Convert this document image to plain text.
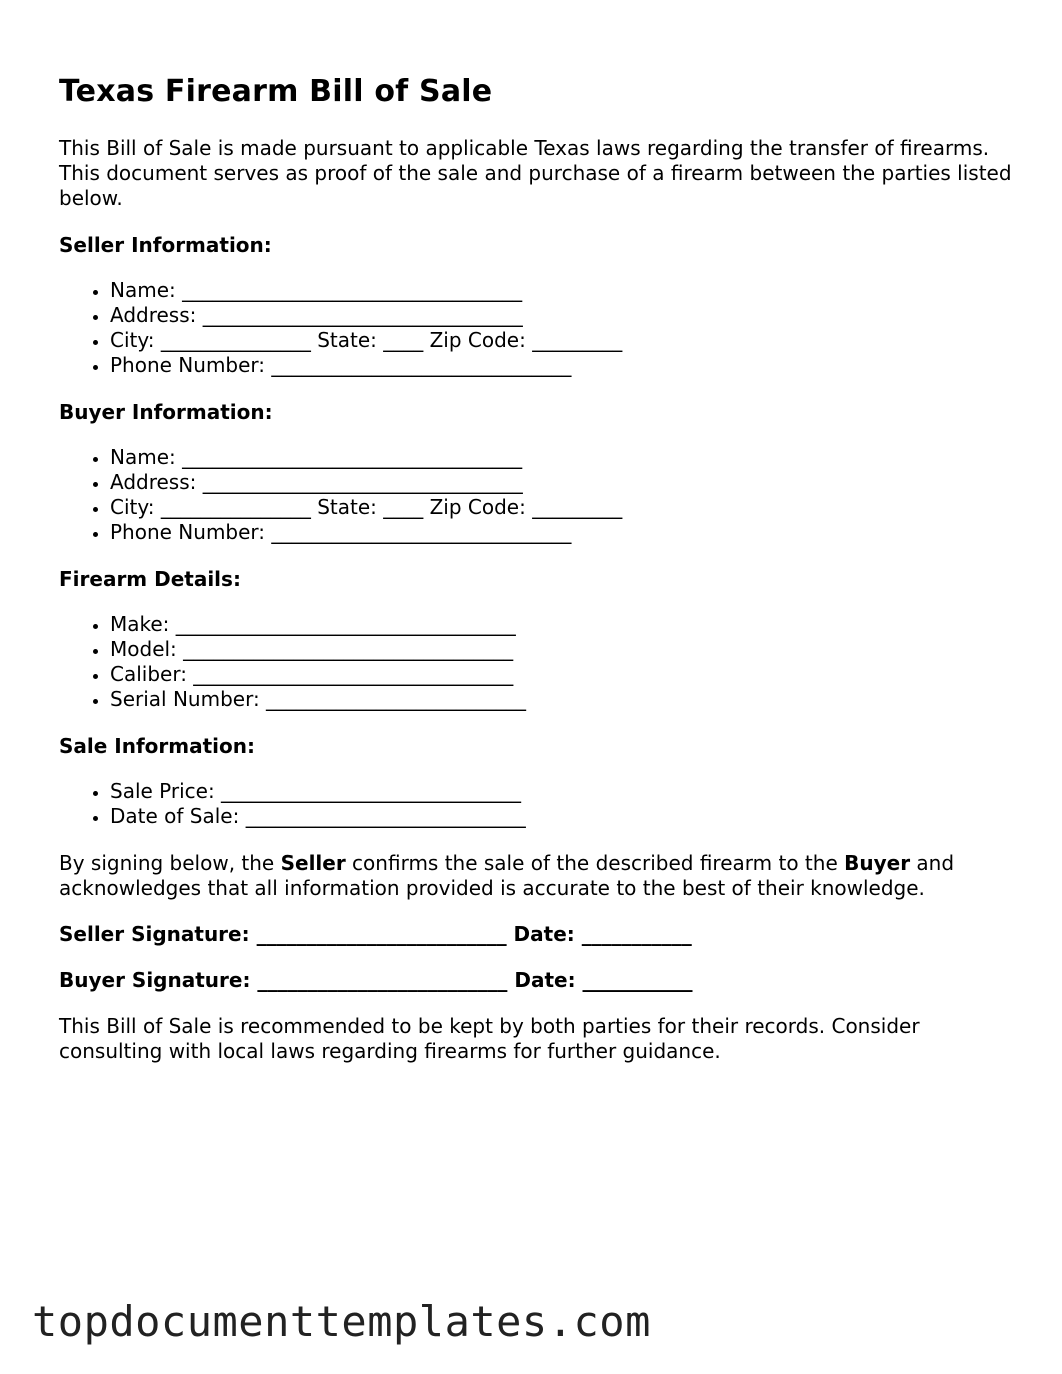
Texas Firearm Bill of Sale

This Bill of Sale is made pursuant to applicable Texas laws regarding the transfer of firearms. This document serves as proof of the sale and purchase of a firearm between the parties listed below.

Seller Information:
• Name: __________________________________
• Address: ________________________________
• City: _______________ State: ____ Zip Code: _________
• Phone Number: ______________________________
Buyer Information:
• Name: __________________________________
• Address: ________________________________
• City: _______________ State: ____ Zip Code: _________
• Phone Number: ______________________________
Firearm Details:
• Make: __________________________________
• Model: _________________________________
• Caliber: ________________________________
• Serial Number: __________________________
Sale Information:
• Sale Price: ______________________________
• Date of Sale: ____________________________

By signing below, the Seller confirms the sale of the described firearm to the Buyer and acknowledges that all information provided is accurate to the best of their knowledge.

Seller Signature: _________________________ Date: ___________

Buyer Signature: _________________________ Date: ___________

This Bill of Sale is recommended to be kept by both parties for their records. Consider consulting with local laws regarding firearms for further guidance.

topdocumenttemplates.com
